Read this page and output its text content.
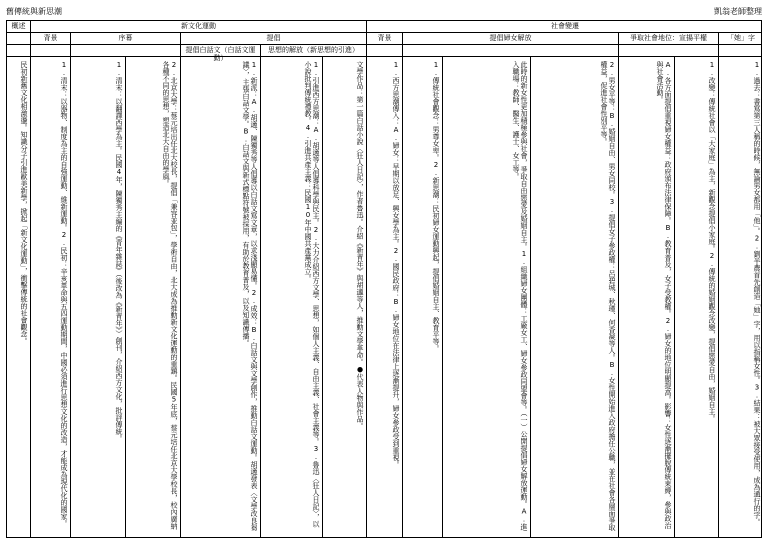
舊傳統與新思潮	凱翁老師整理
概述	新文化運動	社會變遷
背景	序幕	提倡	背景	提倡婦女解放	爭取社會地位：宣揚平權	「她」字
提倡白話文（白話文運動）
思想的解放（新思想的引進）
民初新舊文化相激盪。知識分子引進歐美新學，掀起「新文化運動」，衝擊傳統的社會觀念。	1.清末：以器物、制度為主的自強運動、維新運動。2.民初：辛亥革命與五四運動期間，中國必須進行思想文化的改造，才能成為現代化的國家。	1.清末：以翻譯西學為主。民國4年，陳獨秀主編的《青年雜誌》（後改為《新青年》）創刊，介紹西方文化，批評傳統。	2.北京大學：蔡元培出任北大校長，提倡「兼容並包」，學術自由，北大成為推動新文化運動的重鎮。民國5年底，蔡元培任北京大學校長，校內廣納各種不同的思想，塑造北大自由的學風。	1.新派：A.胡適、陳獨秀等人倡導以白話文寫文章，以求淺顯易懂。2.成效：B.白話文與文學創作，推動白話文運動。胡適發表〈文學改良芻議〉，主張白話文學。B.白話文與新式標點符號被採用，有助於教育普及，以及知識傳播。	1.引進西方思潮：A.胡適等人倡導科學與民主。2.大力介紹西方文學、思想，如個人主義、自由主義、社會主義等。3.魯迅〈狂人日記〉，以小說批判傳統禮教。4.引進共產主義：民國10年中國共產黨成立。	文學作品：第一篇白話小說〈狂人日記〉，作者魯迅。介紹《新青年》與胡適等人，推動文學革命。●代表人物與作品。	1.西方思潮傳入：A.婦女：早期以放足、興女學為主。2.國民政府：B.婦女地位在法律上逐漸提升，婦女參政受到重視。	1.傳統社會觀念：男尊女卑。2.新思潮：民初婦女運動興起，提倡婚姻自主、教育平等。	此時的新女性更加積極參與社會，爭取自由戀愛及婚姻自主。1.組織婦女團體：工廠女工、婦女參政同盟會等。（一）公開提倡婦女解放運動。A.進入職場：教師、醫生、護士、女工等。	2.男女平等：B.婚姻自由、男女同校。3.提倡女子參政權：呂碧城、秋瑾、何香凝等人。B.女性開始進入政府擔任公職，並在社會各層面爭取權益，促進社會性別平等。	A.各方面提倡重視婦女權益：政府頒布法律保障。B.教育普及，女子受教權。2.婦女的地位明顯提高。影響：女性逐漸擺脫傳統束縛，參與政治與社會活動。	1.改變：傳統社會以「大家庭」為主，新觀念提倡小家庭。2.傳統的婚姻觀念改變，提倡戀愛自由，婚姻自主。	1.過去：書寫第三人稱的時候，無論男女都用「他」。2.劉半農首先創造「她」字，用以指稱女性。3.結果：被大眾接受使用，成為通行的字。
